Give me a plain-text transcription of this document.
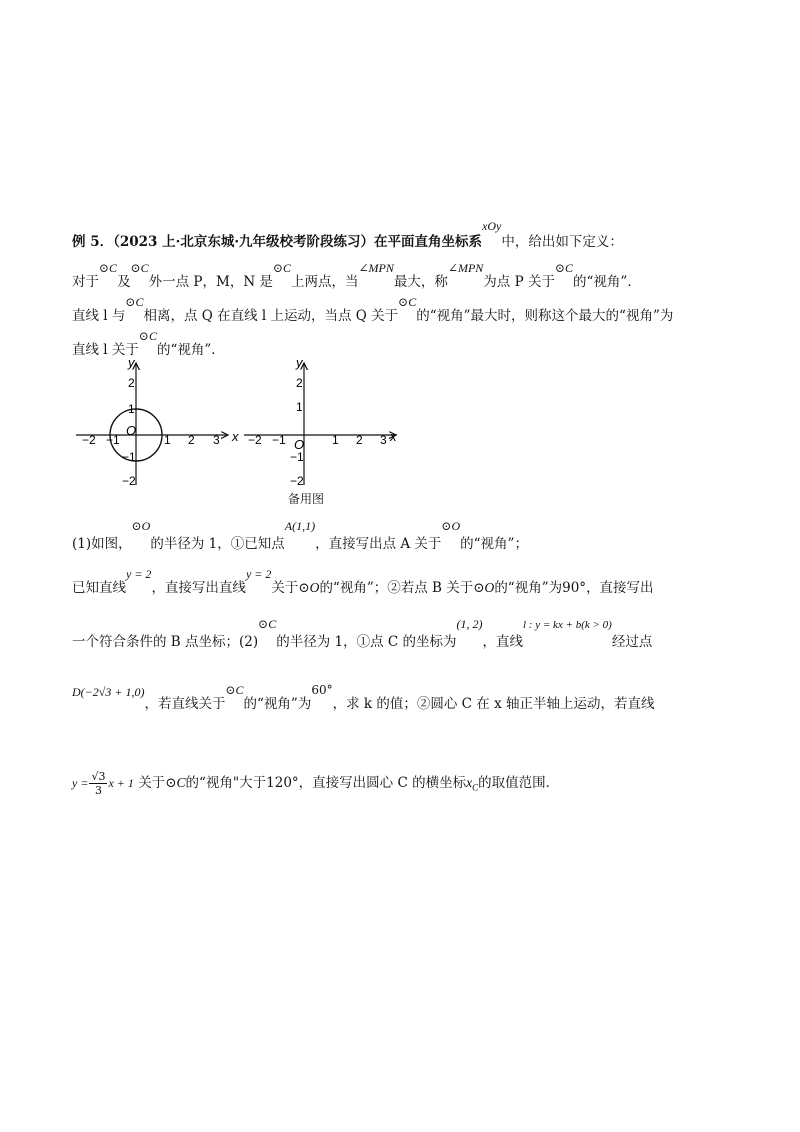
例 5．（2023 上·北京东城·九年级校考阶段练习）在平面直角坐标系xOy中，给出如下定义：
对于⊙C及⊙C外一点 P，M，N 是⊙C上两点，当∠MPN最大，称∠MPN为点 P 关于⊙C的“视角”．
直线 l 与⊙C相离，点 Q 在直线 l 上运动，当点 Q 关于⊙C的“视角”最大时，则称这个最大的“视角”为
直线 l 关于⊙C的“视角”．
x
y
O
−2 −1	1 2 3
2
1
−1
−2
x
y
O
−2 −1	1 2 3
2
1
−1
−2
备用图
(1)如图，⊙O的半径为 1，①已知点A(1,1)，直接写出点 A 关于⊙O的“视角”；
已知直线y = 2，直接写出直线y = 2关于⊙O的“视角”；②若点 B 关于⊙O的“视角”为90°，直接写出
一个符合条件的 B 点坐标；(2)⊙C的半径为 1，①点 C 的坐标为(1, 2)，直线$^{l : y = kx + b(k > 0)}$经过点
D(−2√3 + 1,0)，若直线关于⊙C的“视角”为60°，求 k 的值；②圆心 C 在 x 轴正半轴上运动，若直线
$y = \frac{√3}{3}$ x + 1 关于⊙C的“视角"大于120°，直接写出圆心 C 的横坐标$x_C$的取值范围．
